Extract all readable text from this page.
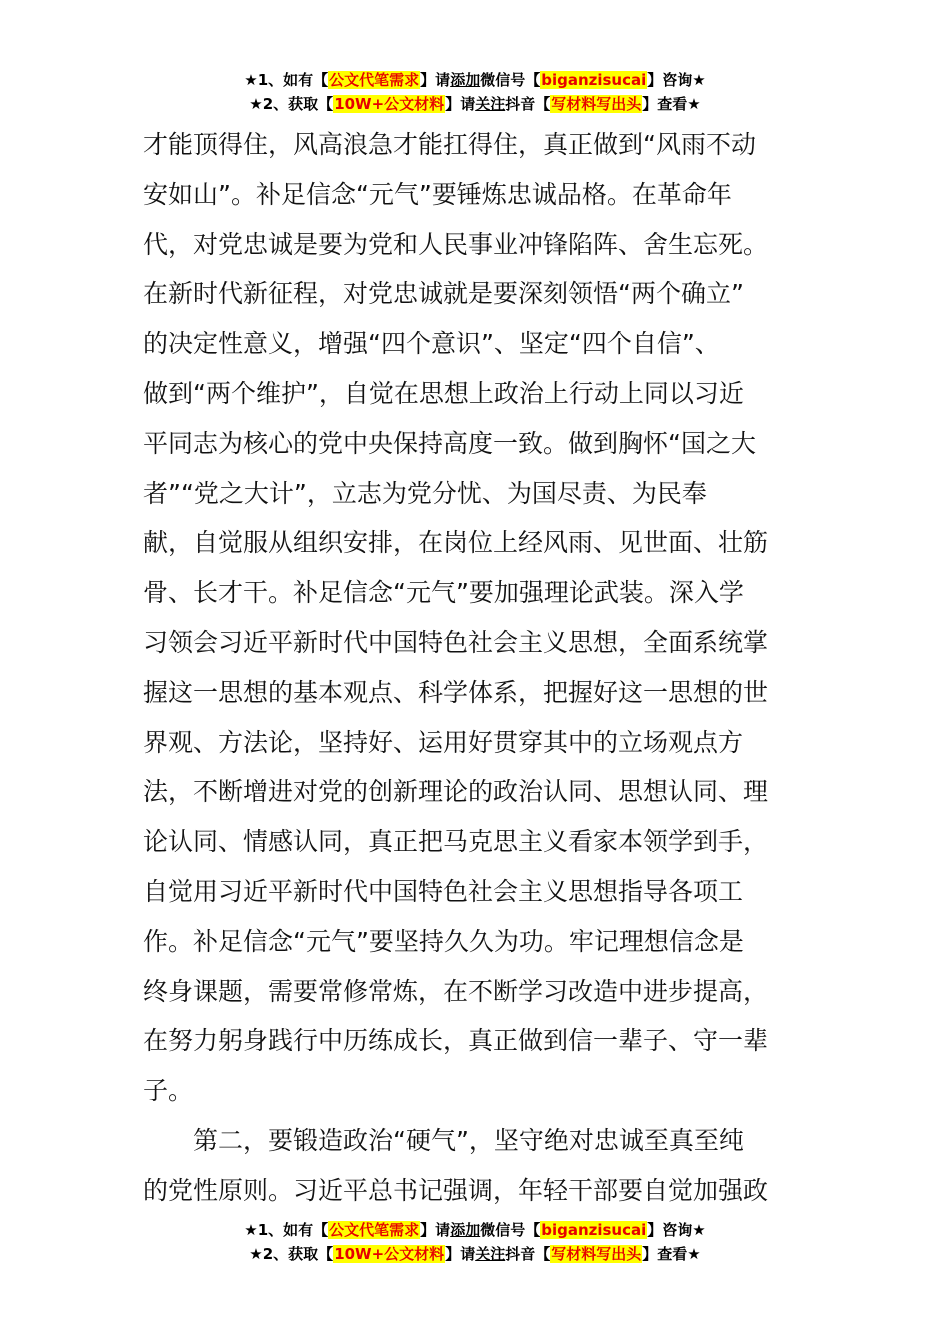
★1、如有【公文代笔需求】请添加微信号【biganzisucai】咨询★
★2、获取【10W+公文材料】请关注抖音【写材料写出头】查看★
才能顶得住，风高浪急才能扛得住，真正做到“风雨不动
安如山”。补足信念“元气”要锤炼忠诚品格。在革命年
代，对党忠诚是要为党和人民事业冲锋陷阵、舍生忘死。
在新时代新征程，对党忠诚就是要深刻领悟“两个确立”
的决定性意义，增强“四个意识”、坚定“四个自信”、
做到“两个维护”，自觉在思想上政治上行动上同以习近
平同志为核心的党中央保持高度一致。做到胸怀“国之大
者”“党之大计”，立志为党分忧、为国尽责、为民奉
献，自觉服从组织安排，在岗位上经风雨、见世面、壮筋
骨、长才干。补足信念“元气”要加强理论武装。深入学
习领会习近平新时代中国特色社会主义思想，全面系统掌
握这一思想的基本观点、科学体系，把握好这一思想的世
界观、方法论，坚持好、运用好贯穿其中的立场观点方
法，不断增进对党的创新理论的政治认同、思想认同、理
论认同、情感认同，真正把马克思主义看家本领学到手，
自觉用习近平新时代中国特色社会主义思想指导各项工
作。补足信念“元气”要坚持久久为功。牢记理想信念是
终身课题，需要常修常炼，在不断学习改造中进步提高，
在努力躬身践行中历练成长，真正做到信一辈子、守一辈
子。
第二，要锻造政治“硬气”，坚守绝对忠诚至真至纯
的党性原则。习近平总书记强调，年轻干部要自觉加强政
★1、如有【公文代笔需求】请添加微信号【biganzisucai】咨询★
★2、获取【10W+公文材料】请关注抖音【写材料写出头】查看★
